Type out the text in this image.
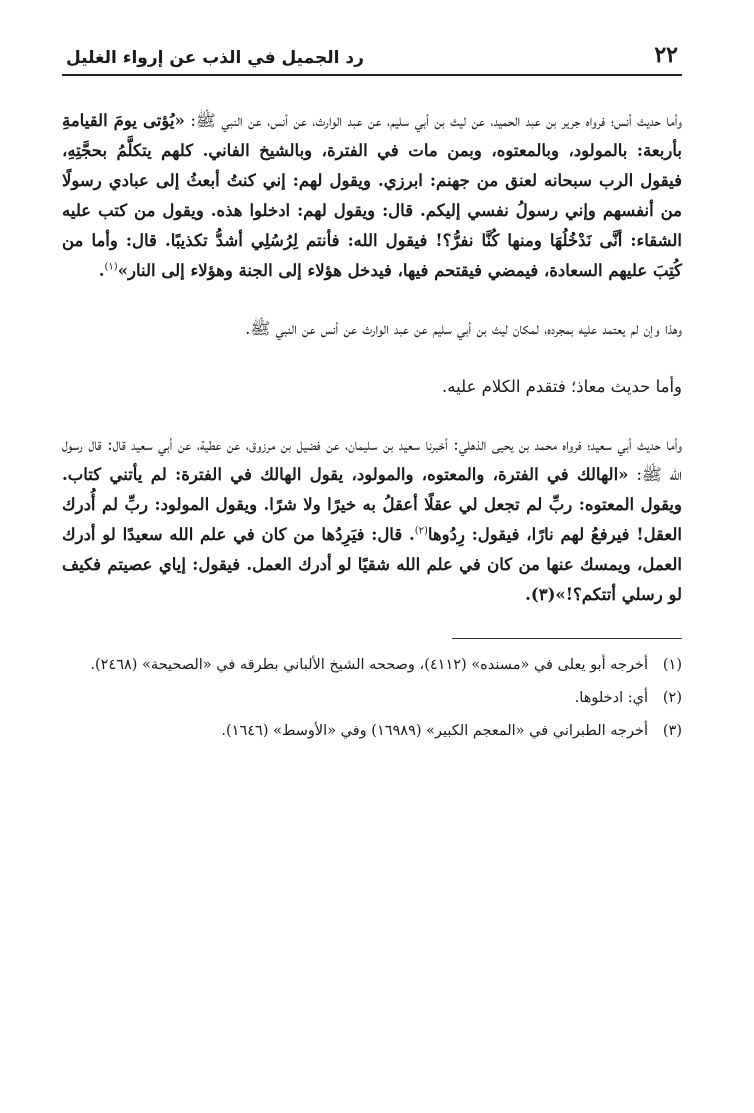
٢٢
رد الجميل في الذب عن إرواء الغليل

وأما حديث أنس؛ فرواه جرير بن عبد الحميد، عن ليث بن أبي سليم، عن عبد الوارث، عن أنس، عن النبي ﷺ: «يُؤتى يومَ القيامةِ بأربعة: بالمولود، وبالمعتوه، وبمن مات في الفترة، وبالشيخ الفاني. كلهم يتكلَّمُ بحجَّتِهِ، فيقول الرب سبحانه لعنق من جهنم: ابرزي. ويقول لهم: إني كنتُ أبعثُ إلى عبادي رسولًا من أنفسهم وإني رسولُ نفسي إليكم. قال: ويقول لهم: ادخلوا هذه. ويقول من كتب عليه الشقاء: أنَّى نَدْخُلُهَا ومنها كُنَّا نفرُّ؟! فيقول الله: فأنتم لِرُسُلِي أشدُّ تكذيبًا. قال: وأما من كُتِبَ عليهم السعادة، فيمضي فيقتحم فيها، فيدخل هؤلاء إلى الجنة وهؤلاء إلى النار»$^{(١)}$.

وهذا وإن لم يعتمد عليه بمجرده، لمكان ليث بن أبي سليم عن عبد الوارث عن أنس عن النبي ﷺ.

وأما حديث معاذ؛ فتقدم الكلام عليه.

وأما حديث أبي سعيد؛ فرواه محمد بن يحيى الذهلي: أخبرنا سعيد بن سليمان، عن فضيل بن مرزوق، عن عطية، عن أبي سعيد قال: قال رسول الله ﷺ: «الهالك في الفترة، والمعتوه، والمولود، يقول الهالك في الفترة: لم يأتني كتاب. ويقول المعتوه: ربِّ لم تجعل لي عقلًا أعقلُ به خيرًا ولا شرًا. ويقول المولود: ربِّ لم أُدرك العقل! فيرفعُ لهم نارًا، فيقول: رِدُوها$^{(٢)}$. قال: فيَرِدُها من كان في علم الله سعيدًا لو أدرك العمل، ويمسك عنها من كان في علم الله شقيًا لو أدرك العمل. فيقول: إياي عصيتم فكيف لو رسلي أتتكم؟!»(٣).

(١)
أخرجه أبو يعلى في «مسنده» (٤١١٢)، وصححه الشيخ الألباني بطرقه في «الصحيحة» (٢٤٦٨).
(٢)
أي: ادخلوها.
(٣)
أخرجه الطبراني في «المعجم الكبير» (١٦٩٨٩) وفي «الأوسط» (١٦٤٦).
